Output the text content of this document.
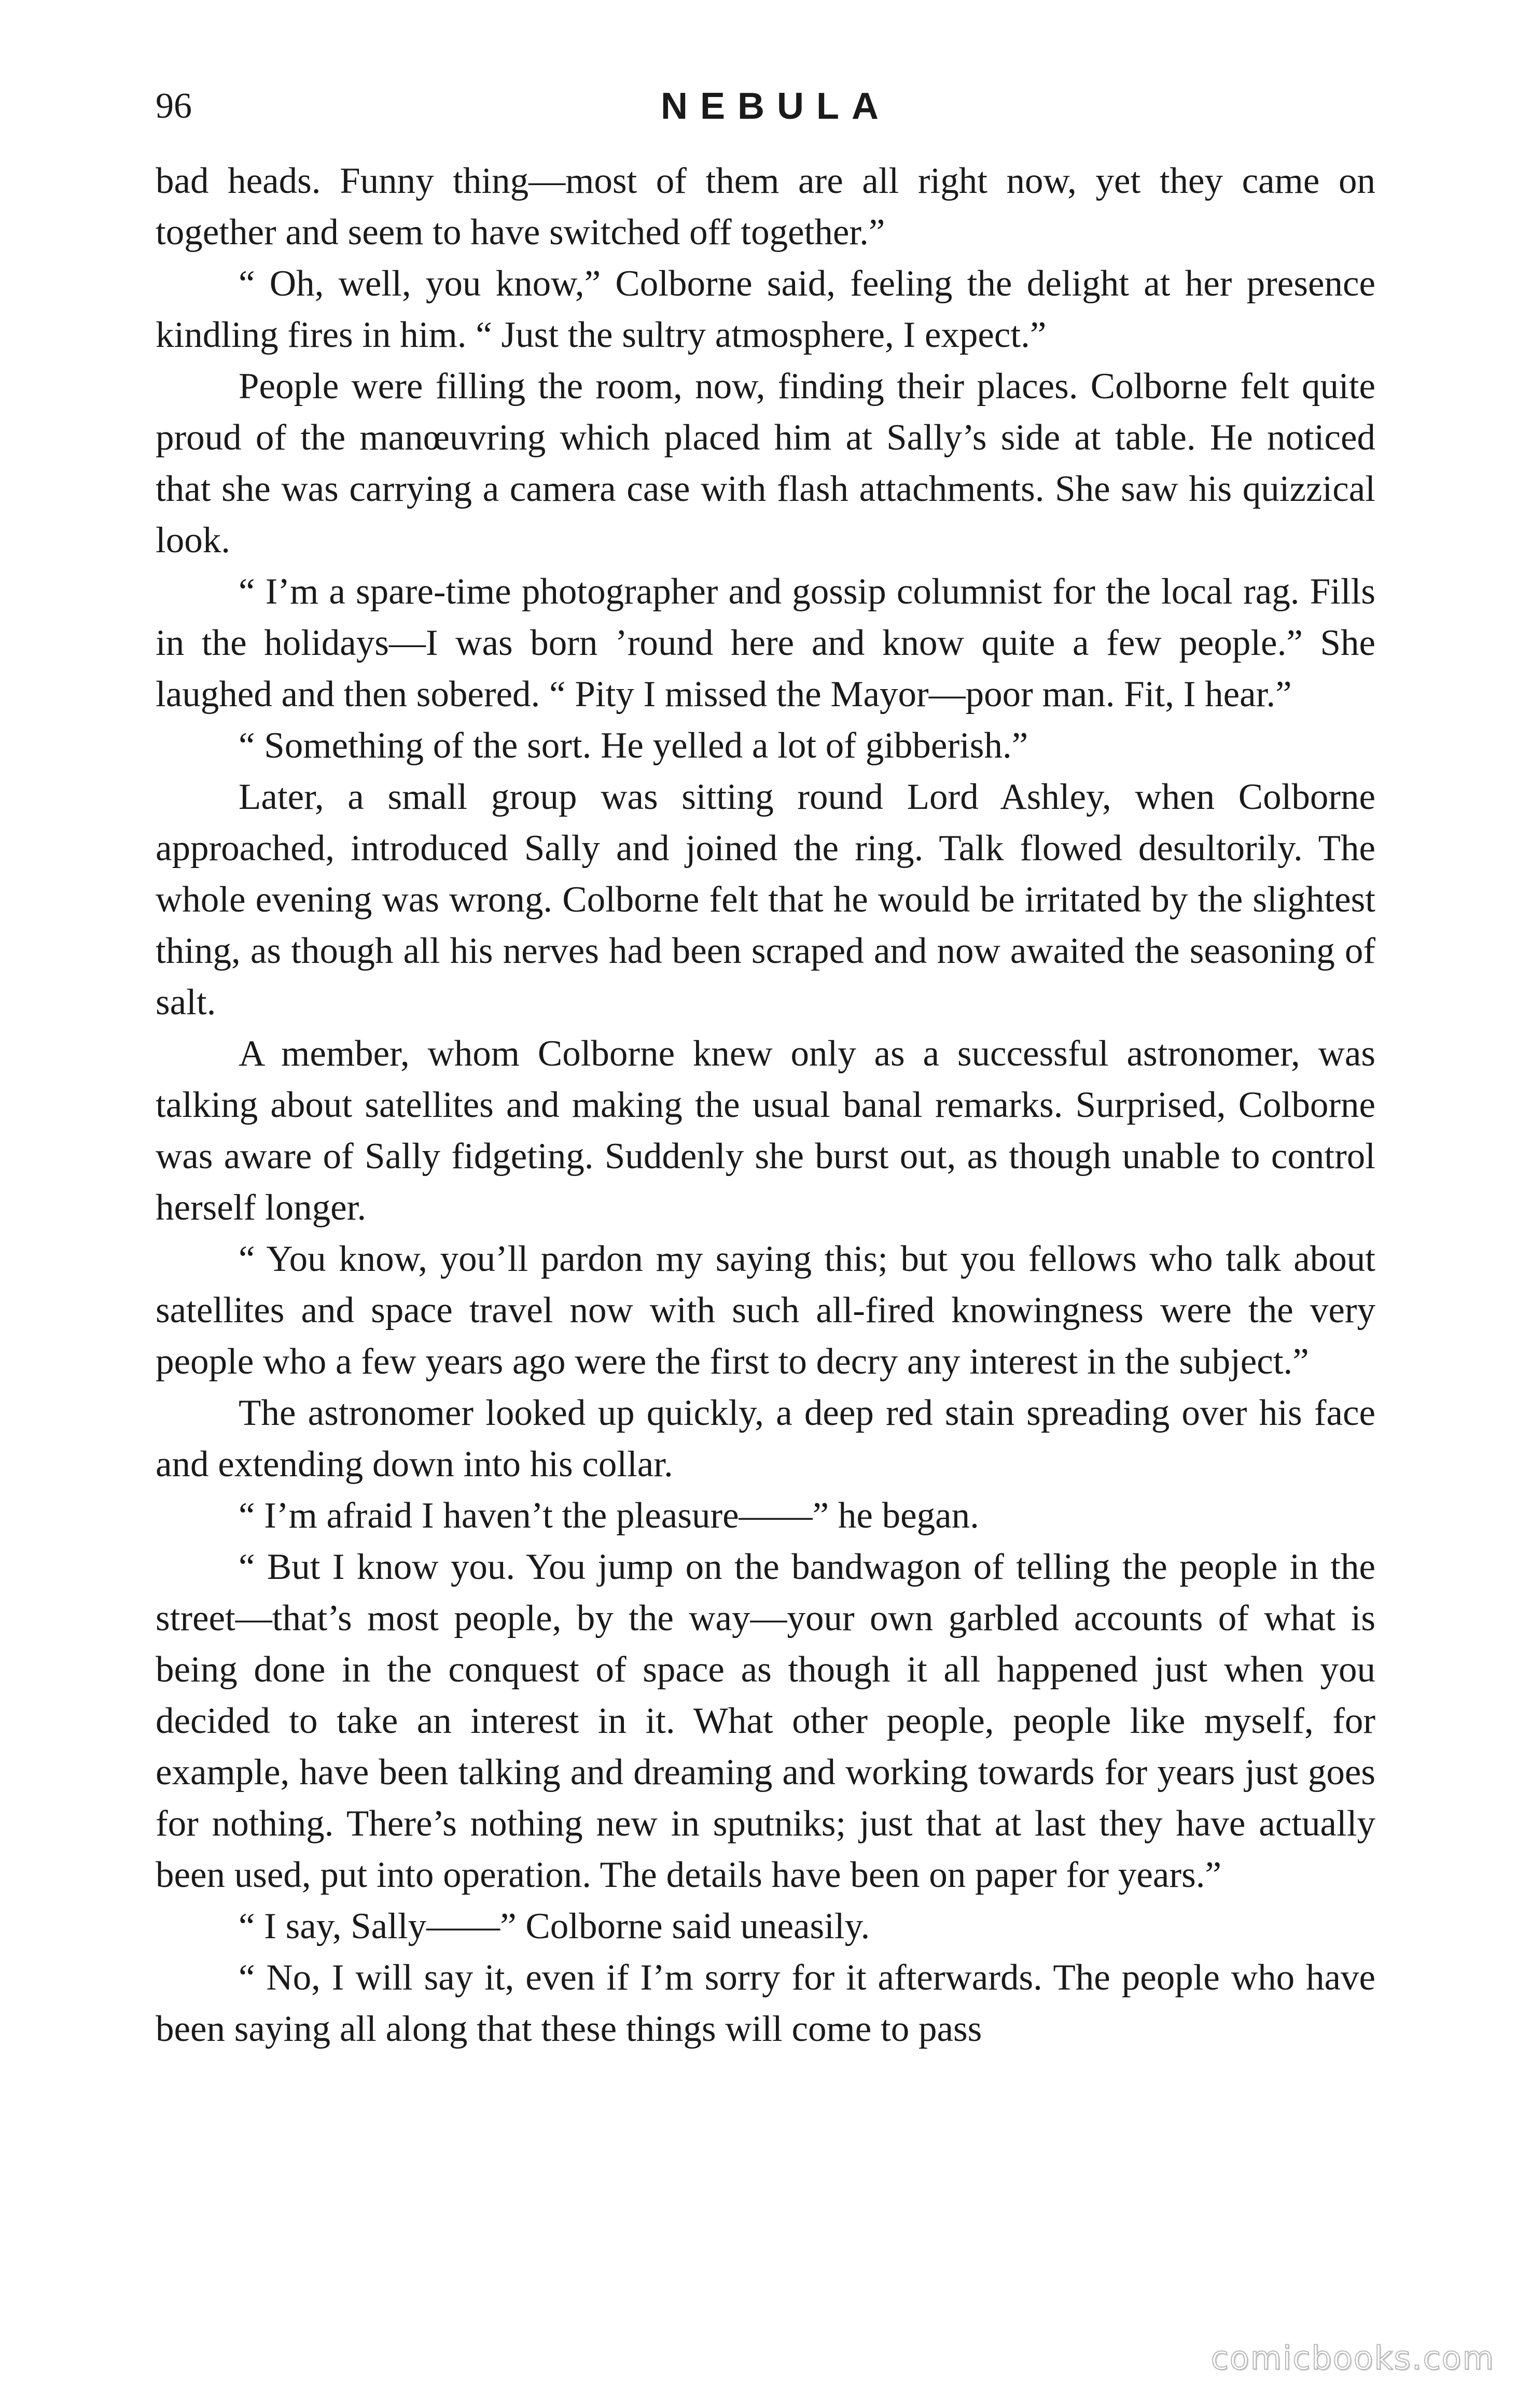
96	NEBULA

bad heads. Funny thing—most of them are all right now, yet they came on together and seem to have switched off together.”

“ Oh, well, you know,” Colborne said, feeling the delight at her presence kindling fires in him. “ Just the sultry atmosphere, I expect.”

People were filling the room, now, finding their places. Colborne felt quite proud of the manœuvring which placed him at Sally’s side at table. He noticed that she was carrying a camera case with flash attachments. She saw his quizzical look.

“ I’m a spare-time photographer and gossip columnist for the local rag. Fills in the holidays—I was born ’round here and know quite a few people.” She laughed and then sobered. “ Pity I missed the Mayor—poor man. Fit, I hear.”

“ Something of the sort. He yelled a lot of gibberish.”

Later, a small group was sitting round Lord Ashley, when Colborne approached, introduced Sally and joined the ring. Talk flowed desultorily. The whole evening was wrong. Colborne felt that he would be irritated by the slightest thing, as though all his nerves had been scraped and now awaited the seasoning of salt.

A member, whom Colborne knew only as a successful astronomer, was talking about satellites and making the usual banal remarks. Surprised, Colborne was aware of Sally fidgeting. Suddenly she burst out, as though unable to control herself longer.

“ You know, you’ll pardon my saying this; but you fellows who talk about satellites and space travel now with such all-fired knowingness were the very people who a few years ago were the first to decry any interest in the subject.”

The astronomer looked up quickly, a deep red stain spreading over his face and extending down into his collar.

“ I’m afraid I haven’t the pleasure——” he began.

“ But I know you. You jump on the bandwagon of telling the people in the street—that’s most people, by the way—your own garbled accounts of what is being done in the conquest of space as though it all happened just when you decided to take an interest in it. What other people, people like myself, for example, have been talking and dreaming and working towards for years just goes for nothing. There’s nothing new in sputniks; just that at last they have actually been used, put into operation. The details have been on paper for years.”

“ I say, Sally——” Colborne said uneasily.

“ No, I will say it, even if I’m sorry for it afterwards. The people who have been saying all along that these things will come to pass

comicbooks.com
